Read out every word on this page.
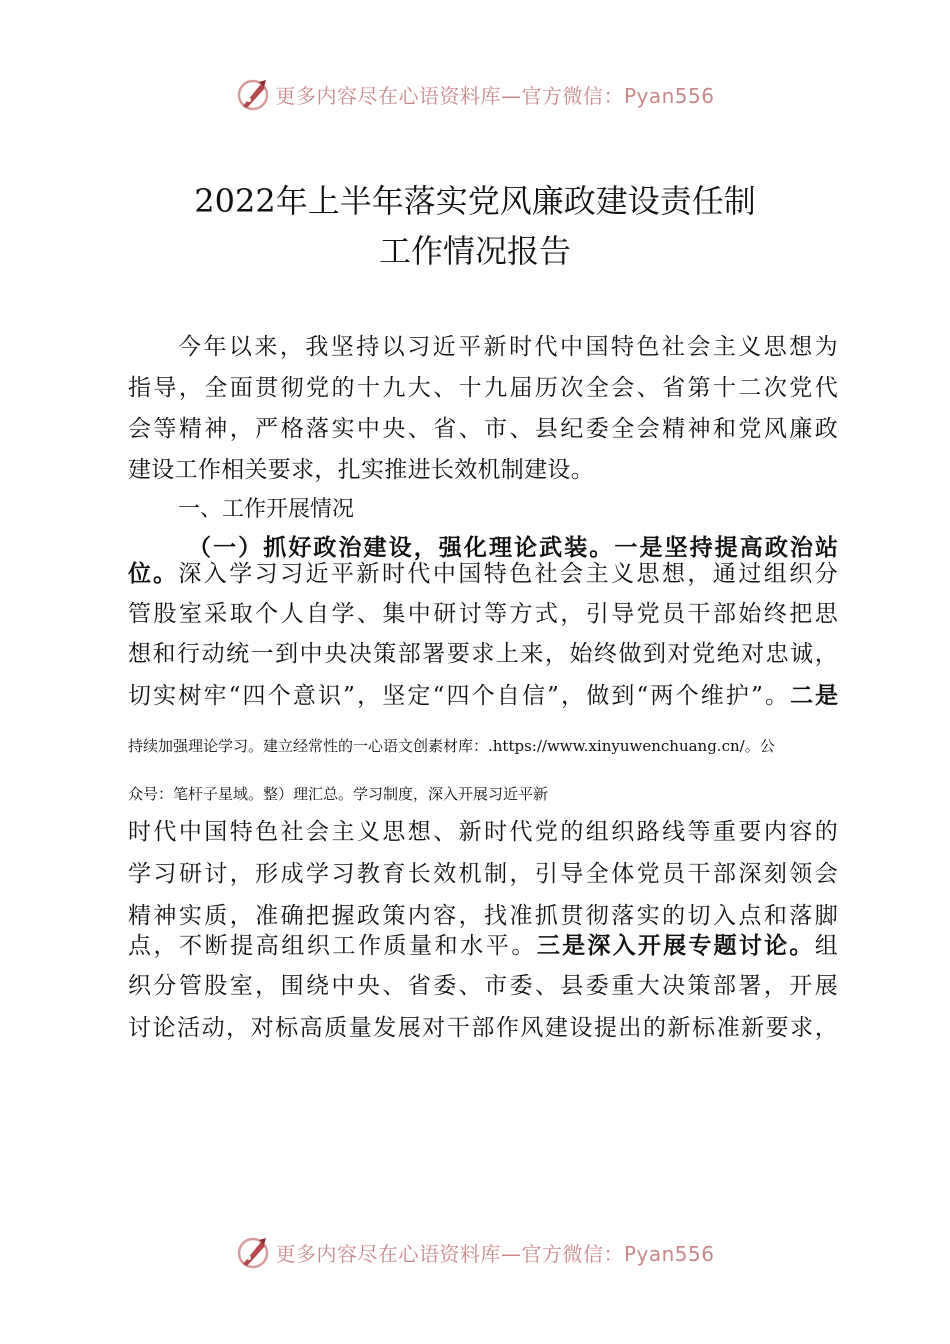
更多内容尽在心语资料库—官方微信：Pyan556
2022年上半年落实党风廉政建设责任制
工作情况报告
今年以来，我坚持以习近平新时代中国特色社会主义思想为
指导，全面贯彻党的十九大、十九届历次全会、省第十二次党代
会等精神，严格落实中央、省、市、县纪委全会精神和党风廉政
建设工作相关要求，扎实推进长效机制建设。
一、工作开展情况
（一）抓好政治建设，强化理论武装。一是坚持提高政治站
位。深入学习习近平新时代中国特色社会主义思想，通过组织分
管股室采取个人自学、集中研讨等方式，引导党员干部始终把思
想和行动统一到中央决策部署要求上来，始终做到对党绝对忠诚，
切实树牢“四个意识”，坚定“四个自信”，做到“两个维护”。二是
持续加强理论学习。建立经常性的一心语文创素材库：.https://www.xinyuwenchuang.cn/。公
众号：笔杆子星域。整）理汇总。学习制度，深入开展习近平新
时代中国特色社会主义思想、新时代党的组织路线等重要内容的
学习研讨，形成学习教育长效机制，引导全体党员干部深刻领会
精神实质，准确把握政策内容，找准抓贯彻落实的切入点和落脚
点，不断提高组织工作质量和水平。三是深入开展专题讨论。组
织分管股室，围绕中央、省委、市委、县委重大决策部署，开展
讨论活动，对标高质量发展对干部作风建设提出的新标准新要求，
更多内容尽在心语资料库—官方微信：Pyan556
